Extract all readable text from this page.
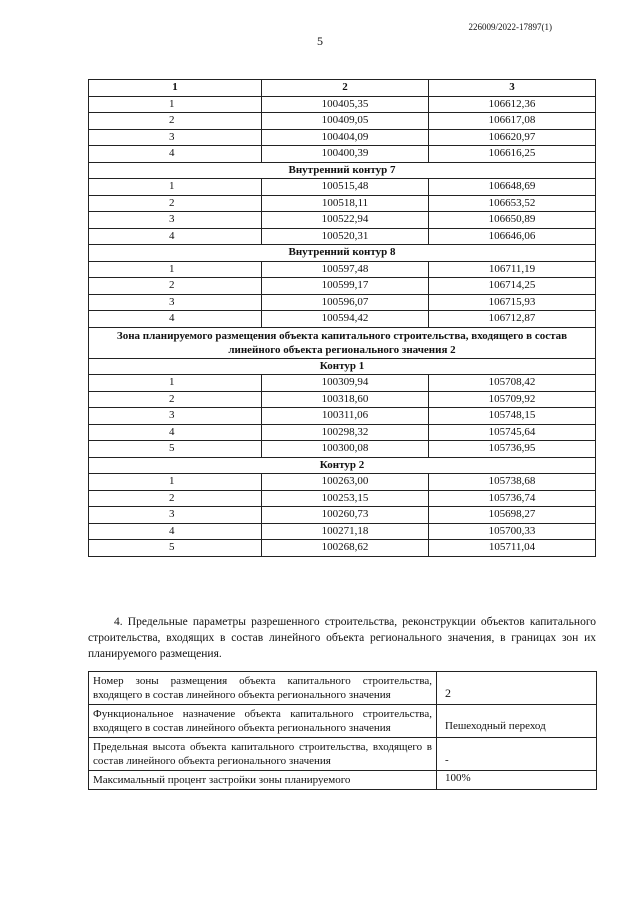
226009/2022-17897(1)
5
1	2	3
1	100405,35	106612,36
2	100409,05	106617,08
3	100404,09	106620,97
4	100400,39	106616,25
Внутренний контур 7		
1	100515,48	106648,69
2	100518,11	106653,52
3	100522,94	106650,89
4	100520,31	106646,06
Внутренний контур 8		
1	100597,48	106711,19
2	100599,17	106714,25
3	100596,07	106715,93
4	100594,42	106712,87
Зона планируемого размещения объекта капитального строительства, входящего в состав линейного объекта регионального значения 2		
Контур 1		
1	100309,94	105708,42
2	100318,60	105709,92
3	100311,06	105748,15
4	100298,32	105745,64
5	100300,08	105736,95
Контур 2		
1	100263,00	105738,68
2	100253,15	105736,74
3	100260,73	105698,27
4	100271,18	105700,33
5	100268,62	105711,04
4. Предельные параметры разрешенного строительства, реконструкции объектов капитального строительства, входящих в состав линейного объекта регионального значения, в границах зон их планируемого размещения.
Номер зоны размещения объекта капитального строительства, входящего в состав линейного объекта регионального значения	2
Функциональное назначение объекта капитального строительства, входящего в состав линейного объекта регионального значения	Пешеходный переход
Предельная высота объекта капитального строительства, входящего в состав линейного объекта регионального значения	-
Максимальный процент застройки зоны планируемого	100%
